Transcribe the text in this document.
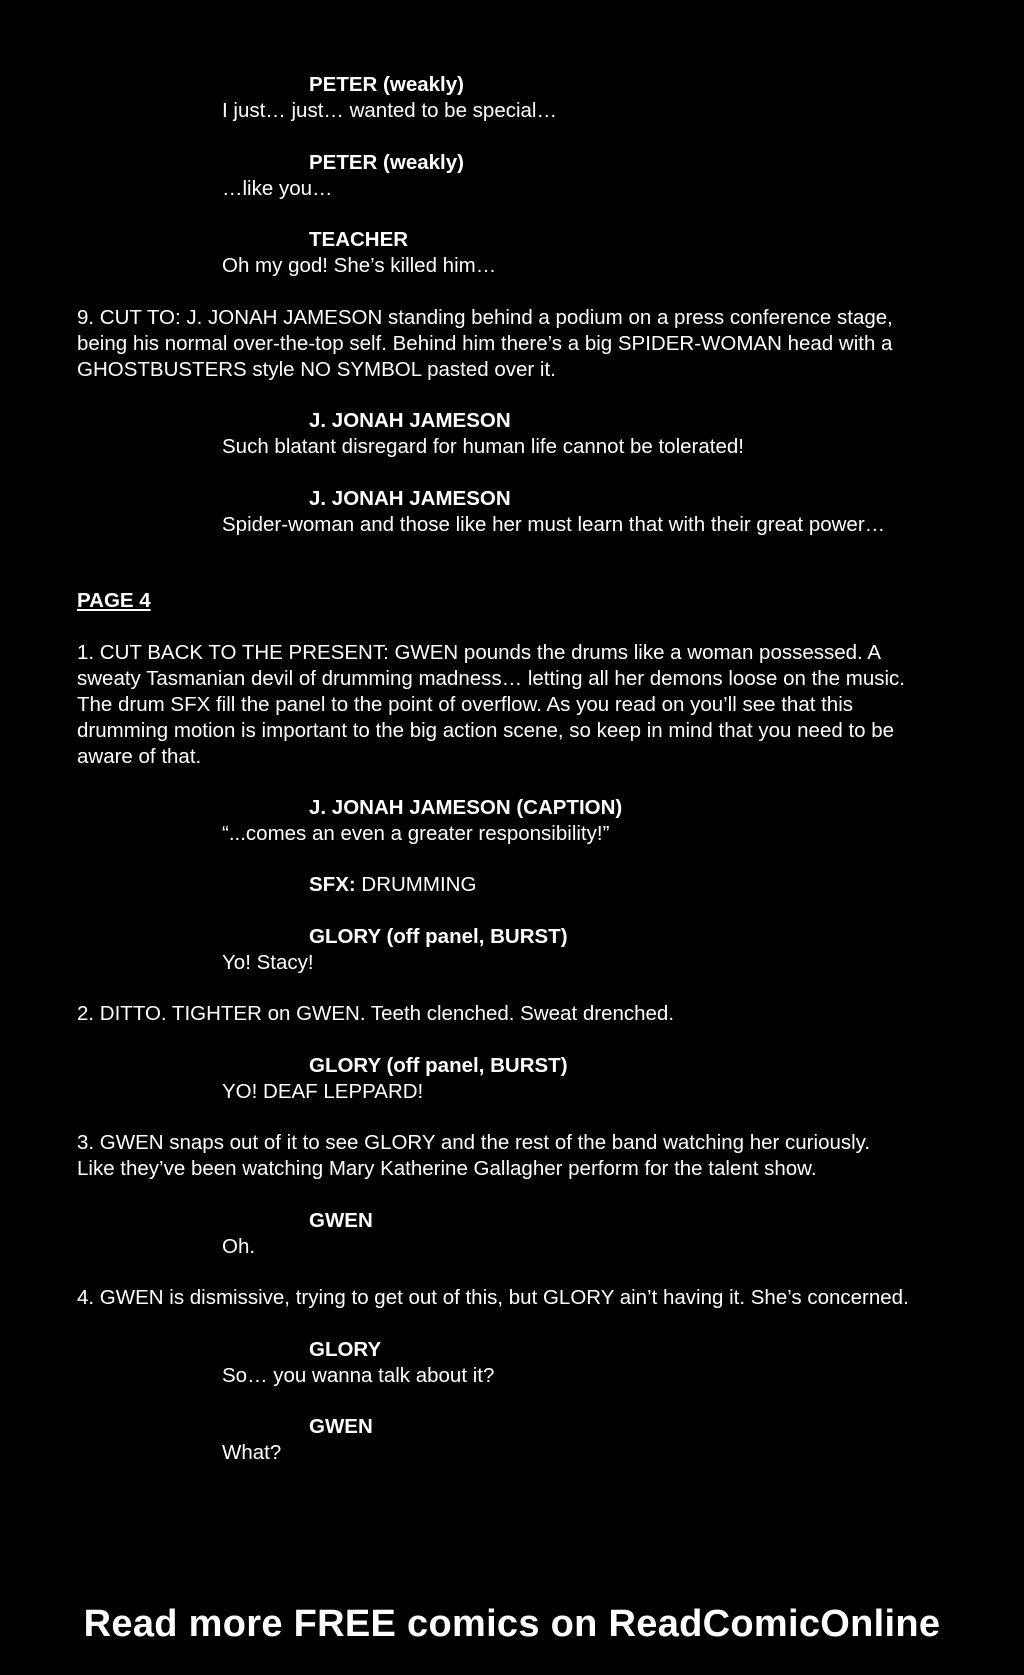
PETER (weakly)
I just… just… wanted to be special…
PETER (weakly)
…like you…
TEACHER
Oh my god! She’s killed him…
9. CUT TO: J. JONAH JAMESON standing behind a podium on a press conference stage,
being his normal over-the-top self. Behind him there’s a big SPIDER-WOMAN head with a
GHOSTBUSTERS style NO SYMBOL pasted over it.
J. JONAH JAMESON
Such blatant disregard for human life cannot be tolerated!
J. JONAH JAMESON
Spider-woman and those like her must learn that with their great power…
PAGE 4
1. CUT BACK TO THE PRESENT: GWEN pounds the drums like a woman possessed. A
sweaty Tasmanian devil of drumming madness… letting all her demons loose on the music.
The drum SFX fill the panel to the point of overflow. As you read on you’ll see that this
drumming motion is important to the big action scene, so keep in mind that you need to be
aware of that.
J. JONAH JAMESON (CAPTION)
“...comes an even a greater responsibility!”
SFX: DRUMMING
GLORY (off panel, BURST)
Yo! Stacy!
2. DITTO. TIGHTER on GWEN. Teeth clenched. Sweat drenched.
GLORY (off panel, BURST)
YO! DEAF LEPPARD!
3. GWEN snaps out of it to see GLORY and the rest of the band watching her curiously.
Like they’ve been watching Mary Katherine Gallagher perform for the talent show.
GWEN
Oh.
4. GWEN is dismissive, trying to get out of this, but GLORY ain’t having it. She’s concerned.
GLORY
So… you wanna talk about it?
GWEN
What?
Read more FREE comics on ReadComicOnline
